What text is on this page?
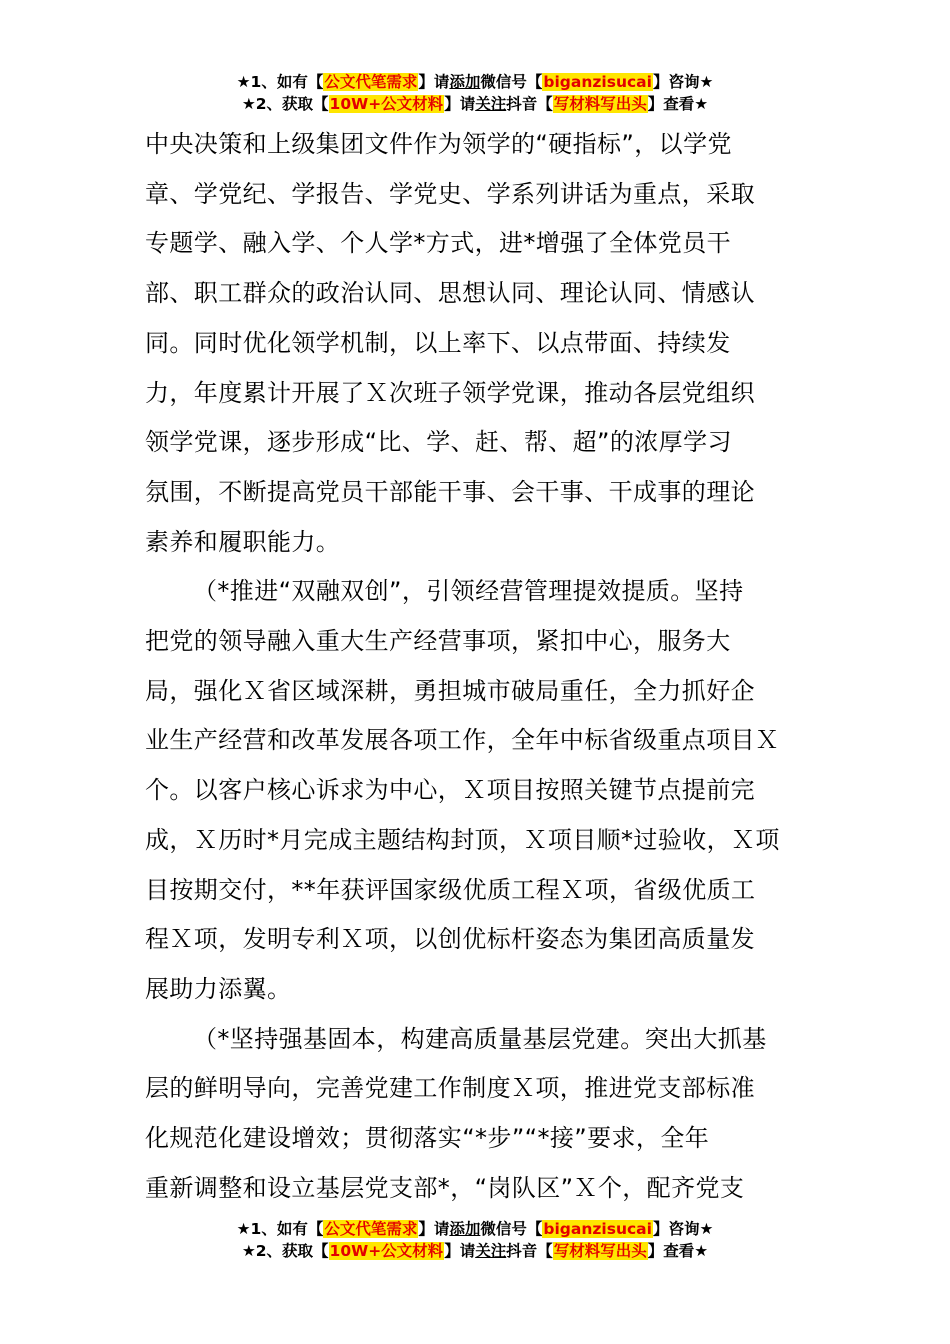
★1、如有【公文代笔需求】请添加微信号【biganzisucai】咨询★
★2、获取【10W+公文材料】请关注抖音【写材料写出头】查看★
中央决策和上级集团文件作为领学的“硬指标”，以学党
章、学党纪、学报告、学党史、学系列讲话为重点，采取
专题学、融入学、个人学*方式，进*增强了全体党员干
部、职工群众的政治认同、思想认同、理论认同、情感认
同。同时优化领学机制，以上率下、以点带面、持续发
力，年度累计开展了Ｘ次班子领学党课，推动各层党组织
领学党课，逐步形成“比、学、赶、帮、超”的浓厚学习
氛围，不断提高党员干部能干事、会干事、干成事的理论
素养和履职能力。
（*推进“双融双创”，引领经营管理提效提质。坚持
把党的领导融入重大生产经营事项，紧扣中心，服务大
局，强化Ｘ省区域深耕，勇担城市破局重任，全力抓好企
业生产经营和改革发展各项工作，全年中标省级重点项目Ｘ
个。以客户核心诉求为中心，Ｘ项目按照关键节点提前完
成，Ｘ历时*月完成主题结构封顶，Ｘ项目顺*过验收，Ｘ项
目按期交付，**年获评国家级优质工程Ｘ项，省级优质工
程Ｘ项，发明专利Ｘ项，以创优标杆姿态为集团高质量发
展助力添翼。
（*坚持强基固本，构建高质量基层党建。突出大抓基
层的鲜明导向，完善党建工作制度Ｘ项，推进党支部标准
化规范化建设增效；贯彻落实“*步”“*接”要求，全年
重新调整和设立基层党支部*，“岗队区”Ｘ个，配齐党支
★1、如有【公文代笔需求】请添加微信号【biganzisucai】咨询★
★2、获取【10W+公文材料】请关注抖音【写材料写出头】查看★
